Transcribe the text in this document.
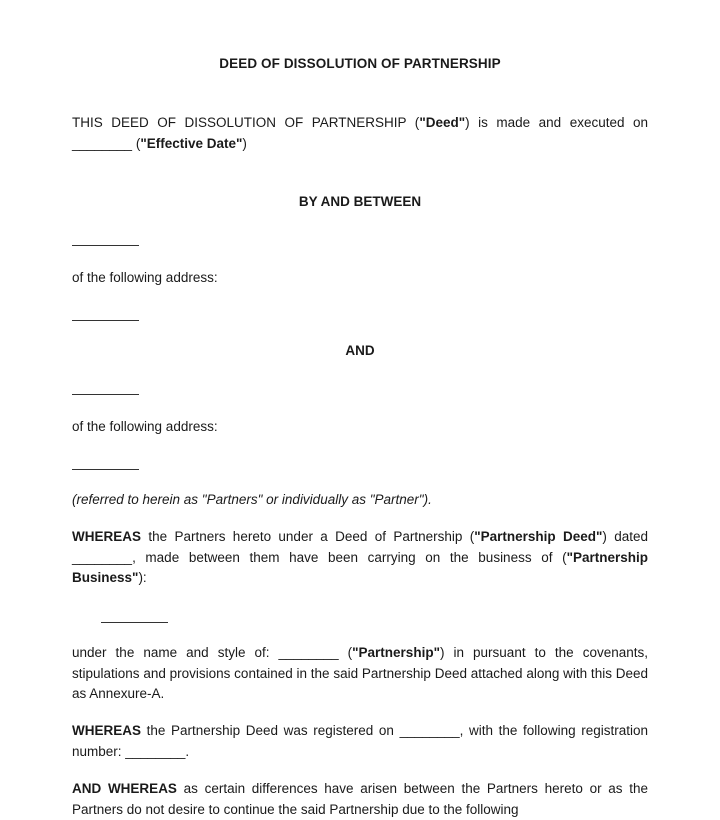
DEED OF DISSOLUTION OF PARTNERSHIP
THIS DEED OF DISSOLUTION OF PARTNERSHIP ("Deed") is made and executed on ________ ("Effective Date")
BY AND BETWEEN
of the following address:
AND
of the following address:
(referred to herein as "Partners" or individually as "Partner").
WHEREAS the Partners hereto under a Deed of Partnership ("Partnership Deed") dated ________, made between them have been carrying on the business of ("Partnership Business"):
under the name and style of: ________ ("Partnership") in pursuant to the covenants, stipulations and provisions contained in the said Partnership Deed attached along with this Deed as Annexure-A.
WHEREAS the Partnership Deed was registered on ________, with the following registration number: ________.
AND WHEREAS as certain differences have arisen between the Partners hereto or as the Partners do not desire to continue the said Partnership due to the following
